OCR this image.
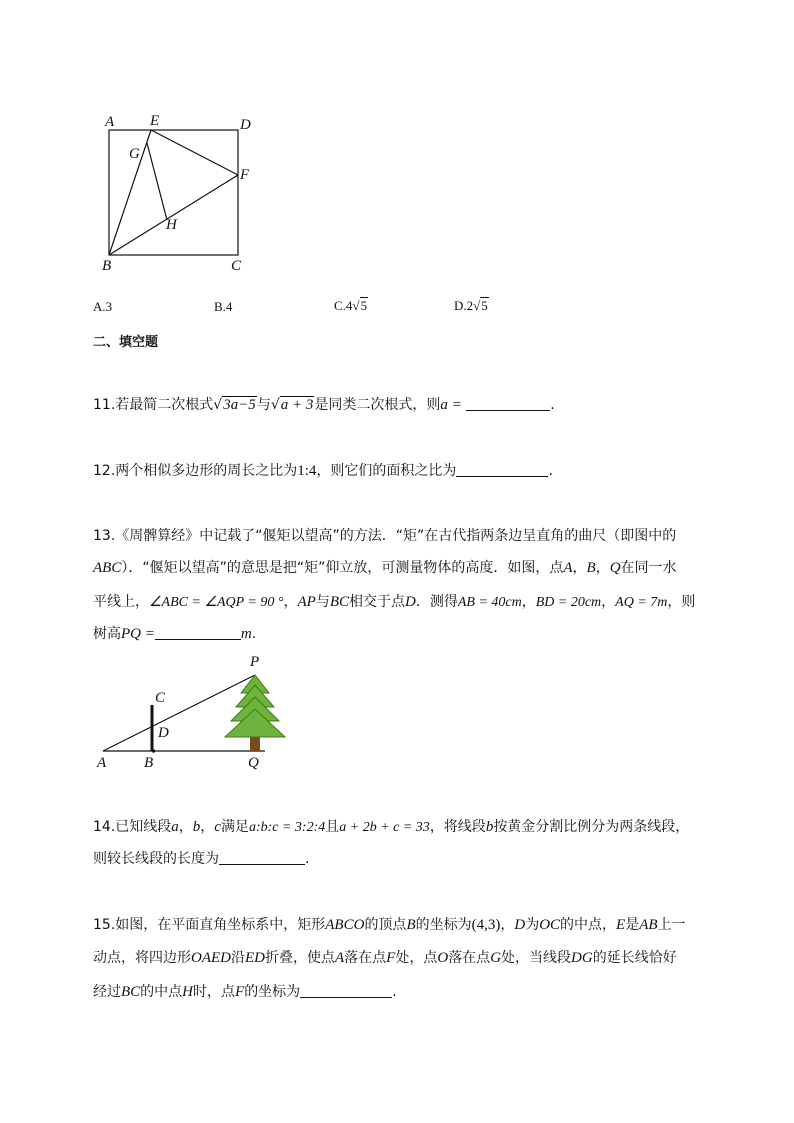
A E	D
G
F
H
B	C
A.3	B.4	C.4√5	D.2√5
二、填空题
11.若最简二次根式√3a−5与√a + 3是同类二次根式，则a =	.
12.两个相似多边形的周长之比为1:4，则它们的面积之比为	.
13.《周髀算经》中记载了“偃矩以望高”的方法．“矩”在古代指两条边呈直角的曲尺（即图中的
ABC）．“偃矩以望高”的意思是把“矩”仰立放，可测量物体的高度．如图，点A，B，Q在同一水
平线上，∠ABC = ∠AQP = 90 °，AP与BC相交于点D．测得AB = 40cm，BD = 20cm，AQ = 7m，则
树高PQ =	m.
P
C
D
A	B	Q
14.已知线段a，b，c满足a:b:c = 3:2:4且a + 2b + c = 33，将线段b按黄金分割比例分为两条线段，
则较长线段的长度为	.
15.如图，在平面直角坐标系中，矩形ABCO的顶点B的坐标为(4,3)，D为OC的中点，E是AB上一
动点，将四边形OAED沿ED折叠，使点A落在点F处，点O落在点G处，当线段DG的延长线恰好
经过BC的中点H时，点F的坐标为	.
